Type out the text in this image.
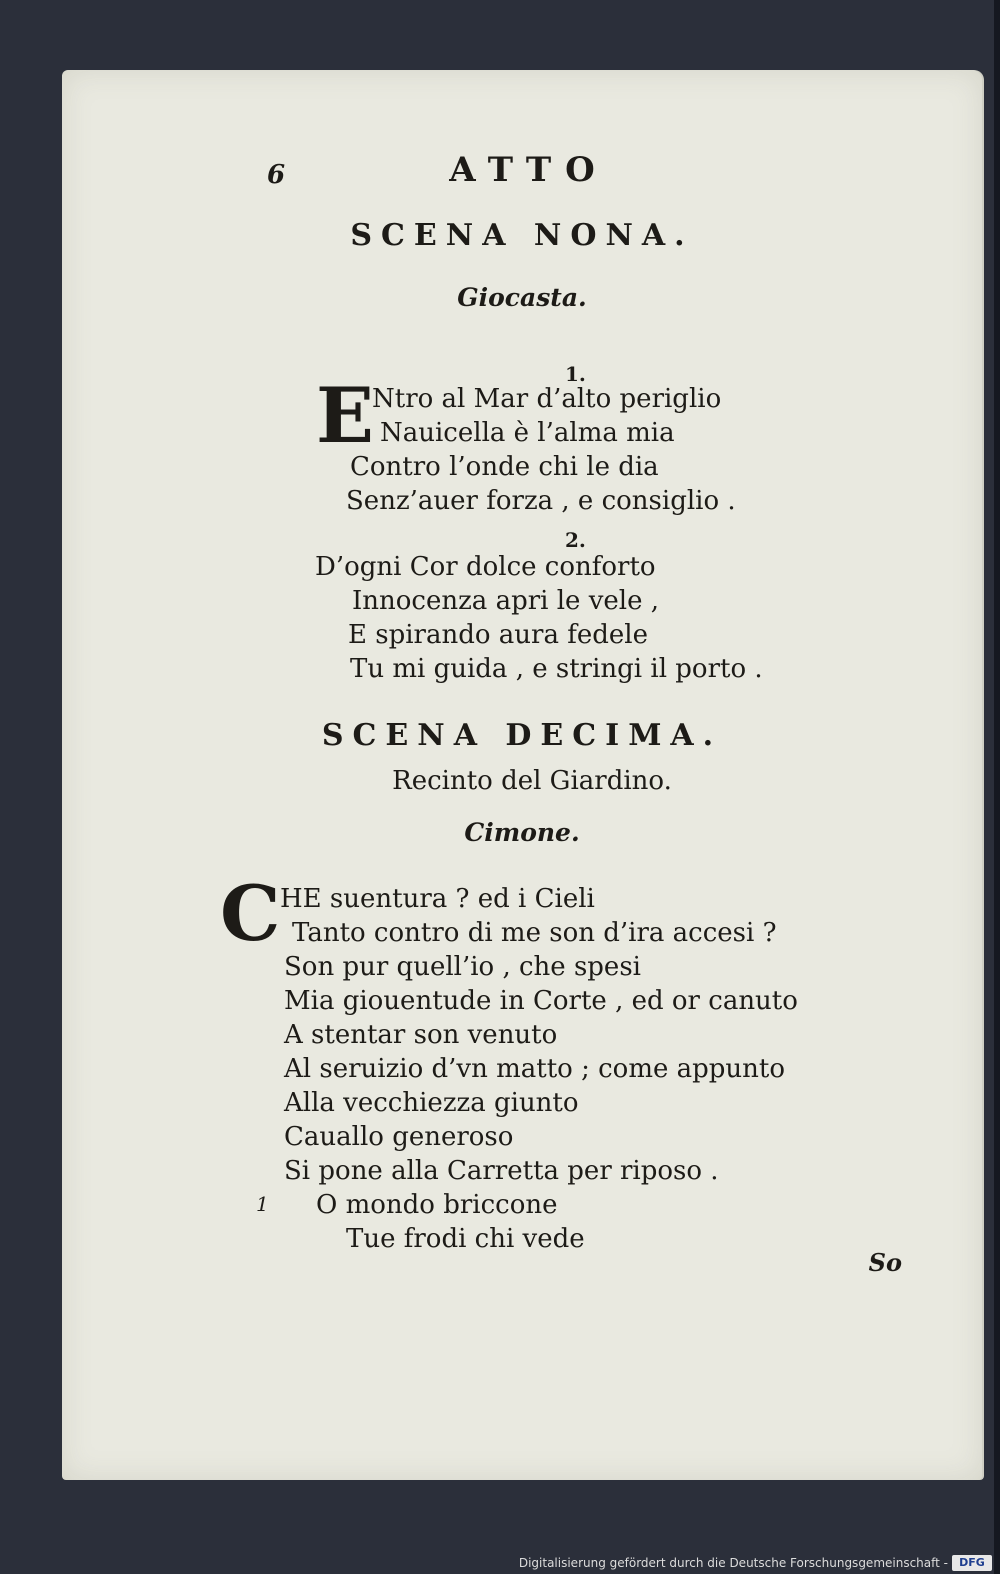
6	ATTO
SCENA NONA.
Giocasta.
1.
E
Ntro al Mar d’alto periglio
Nauicella è l’alma mia
Contro l’onde chi le dia
Senz’auer forza , e consiglio .
2.
D’ogni Cor dolce conforto
Innocenza apri le vele ,
E spirando aura fedele
Tu mi guida , e stringi il porto .
SCENA DECIMA.
Recinto del Giardino.
Cimone.
C HE suentura ? ed i Cieli
Tanto contro di me son d’ira accesi ?
Son pur quell’io , che spesi
Mia giouentude in Corte , ed or canuto
A stentar son venuto
Al seruizio d’vn matto ; come appunto
Alla vecchiezza giunto
Cauallo generoso
Si pone alla Carretta per riposo .
1 O mondo briccone
Tue frodi chi vede
So
Digitalisierung gefördert durch die Deutsche Forschungsgemeinschaft -	DFG
